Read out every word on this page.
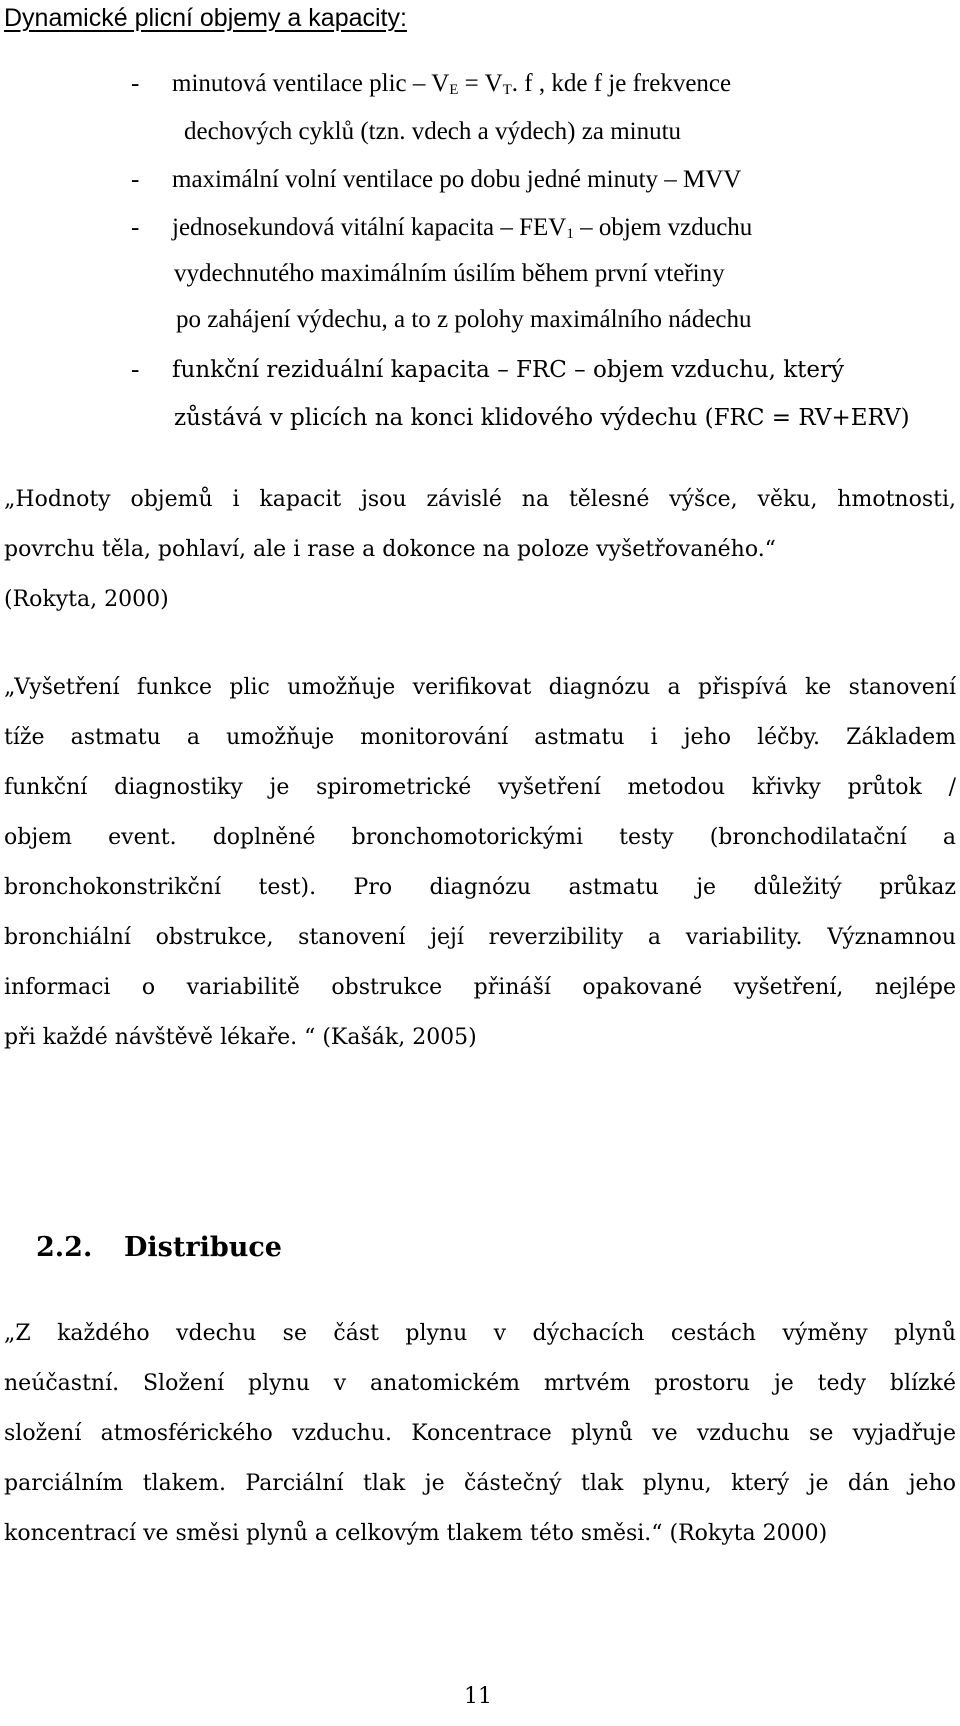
Dynamické plicní objemy a kapacity:
- minutová ventilace plic – $V_E = V_T$. f , kde f je frekvence
dechových cyklů (tzn. vdech a výdech) za minutu
- maximální volní ventilace po dobu jedné minuty – MVV
- jednosekundová vitální kapacita – $FEV_1$ – objem vzduchu
vydechnutého maximálním úsilím během první vteřiny
po zahájení výdechu, a to z polohy maximálního nádechu
- funkční reziduální kapacita – FRC – objem vzduchu, který
zůstává v plicích na konci klidového výdechu (FRC = RV+ERV)
„Hodnoty objemů i kapacit jsou závislé na tělesné výšce, věku, hmotnosti,
povrchu těla, pohlaví, ale i rase a dokonce na poloze vyšetřovaného.“
(Rokyta, 2000)
„Vyšetření funkce plic umožňuje verifikovat diagnózu a přispívá ke stanovení
tíže astmatu a umožňuje monitorování astmatu i jeho léčby. Základem
funkční diagnostiky je spirometrické vyšetření metodou křivky průtok /
objem event. doplněné bronchomotorickými testy (bronchodilatační a
bronchokonstrikční test). Pro diagnózu astmatu je důležitý průkaz
bronchiální obstrukce, stanovení její reverzibility a variability. Významnou
informaci o variabilitě obstrukce přináší opakované vyšetření, nejlépe
při každé návštěvě lékaře. “ (Kašák, 2005)
2.2. Distribuce
„Z každého vdechu se část plynu v dýchacích cestách výměny plynů
neúčastní. Složení plynu v anatomickém mrtvém prostoru je tedy blízké
složení atmosférického vzduchu. Koncentrace plynů ve vzduchu se vyjadřuje
parciálním tlakem. Parciální tlak je částečný tlak plynu, který je dán jeho
koncentrací ve směsi plynů a celkovým tlakem této směsi.“ (Rokyta 2000)
11
